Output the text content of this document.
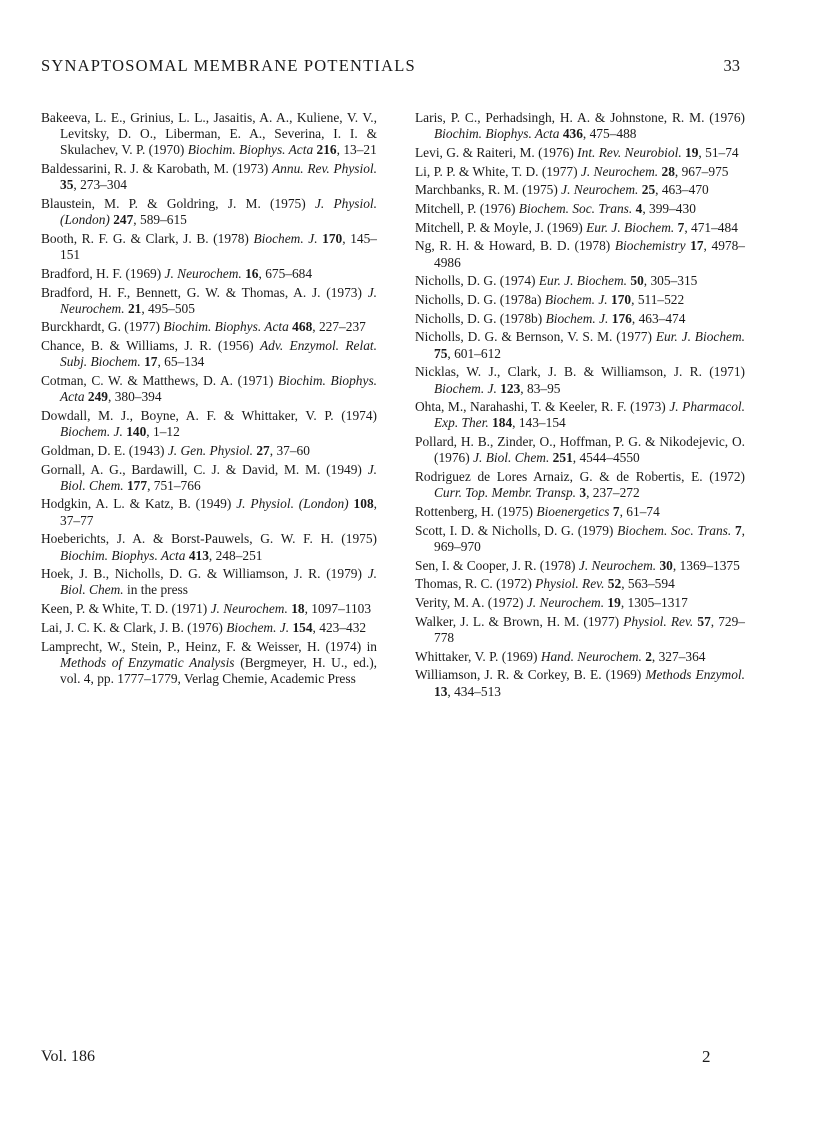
SYNAPTOSOMAL MEMBRANE POTENTIALS	33

Bakeeva, L. E., Grinius, L. L., Jasaitis, A. A., Kuliene, V. V., Levitsky, D. O., Liberman, E. A., Severina, I. I. & Skulachev, V. P. (1970) Biochim. Biophys. Acta 216, 13–21

Baldessarini, R. J. & Karobath, M. (1973) Annu. Rev. Physiol. 35, 273–304

Blaustein, M. P. & Goldring, J. M. (1975) J. Physiol. (London) 247, 589–615

Booth, R. F. G. & Clark, J. B. (1978) Biochem. J. 170, 145–151

Bradford, H. F. (1969) J. Neurochem. 16, 675–684

Bradford, H. F., Bennett, G. W. & Thomas, A. J. (1973) J. Neurochem. 21, 495–505

Burckhardt, G. (1977) Biochim. Biophys. Acta 468, 227–237

Chance, B. & Williams, J. R. (1956) Adv. Enzymol. Relat. Subj. Biochem. 17, 65–134

Cotman, C. W. & Matthews, D. A. (1971) Biochim. Biophys. Acta 249, 380–394

Dowdall, M. J., Boyne, A. F. & Whittaker, V. P. (1974) Biochem. J. 140, 1–12

Goldman, D. E. (1943) J. Gen. Physiol. 27, 37–60

Gornall, A. G., Bardawill, C. J. & David, M. M. (1949) J. Biol. Chem. 177, 751–766

Hodgkin, A. L. & Katz, B. (1949) J. Physiol. (London) 108, 37–77

Hoeberichts, J. A. & Borst-Pauwels, G. W. F. H. (1975) Biochim. Biophys. Acta 413, 248–251

Hoek, J. B., Nicholls, D. G. & Williamson, J. R. (1979) J. Biol. Chem. in the press

Keen, P. & White, T. D. (1971) J. Neurochem. 18, 1097–1103

Lai, J. C. K. & Clark, J. B. (1976) Biochem. J. 154, 423–432

Lamprecht, W., Stein, P., Heinz, F. & Weisser, H. (1974) in Methods of Enzymatic Analysis (Bergmeyer, H. U., ed.), vol. 4, pp. 1777–1779, Verlag Chemie, Academic Press

Laris, P. C., Perhadsingh, H. A. & Johnstone, R. M. (1976) Biochim. Biophys. Acta 436, 475–488

Levi, G. & Raiteri, M. (1976) Int. Rev. Neurobiol. 19, 51–74

Li, P. P. & White, T. D. (1977) J. Neurochem. 28, 967–975

Marchbanks, R. M. (1975) J. Neurochem. 25, 463–470

Mitchell, P. (1976) Biochem. Soc. Trans. 4, 399–430

Mitchell, P. & Moyle, J. (1969) Eur. J. Biochem. 7, 471–484

Ng, R. H. & Howard, B. D. (1978) Biochemistry 17, 4978–4986

Nicholls, D. G. (1974) Eur. J. Biochem. 50, 305–315

Nicholls, D. G. (1978a) Biochem. J. 170, 511–522

Nicholls, D. G. (1978b) Biochem. J. 176, 463–474

Nicholls, D. G. & Bernson, V. S. M. (1977) Eur. J. Biochem. 75, 601–612

Nicklas, W. J., Clark, J. B. & Williamson, J. R. (1971) Biochem. J. 123, 83–95

Ohta, M., Narahashi, T. & Keeler, R. F. (1973) J. Pharmacol. Exp. Ther. 184, 143–154

Pollard, H. B., Zinder, O., Hoffman, P. G. & Nikodejevic, O. (1976) J. Biol. Chem. 251, 4544–4550

Rodriguez de Lores Arnaiz, G. & de Robertis, E. (1972) Curr. Top. Membr. Transp. 3, 237–272

Rottenberg, H. (1975) Bioenergetics 7, 61–74

Scott, I. D. & Nicholls, D. G. (1979) Biochem. Soc. Trans. 7, 969–970

Sen, I. & Cooper, J. R. (1978) J. Neurochem. 30, 1369–1375

Thomas, R. C. (1972) Physiol. Rev. 52, 563–594

Verity, M. A. (1972) J. Neurochem. 19, 1305–1317

Walker, J. L. & Brown, H. M. (1977) Physiol. Rev. 57, 729–778

Whittaker, V. P. (1969) Hand. Neurochem. 2, 327–364

Williamson, J. R. & Corkey, B. E. (1969) Methods Enzymol. 13, 434–513

Vol. 186	2
